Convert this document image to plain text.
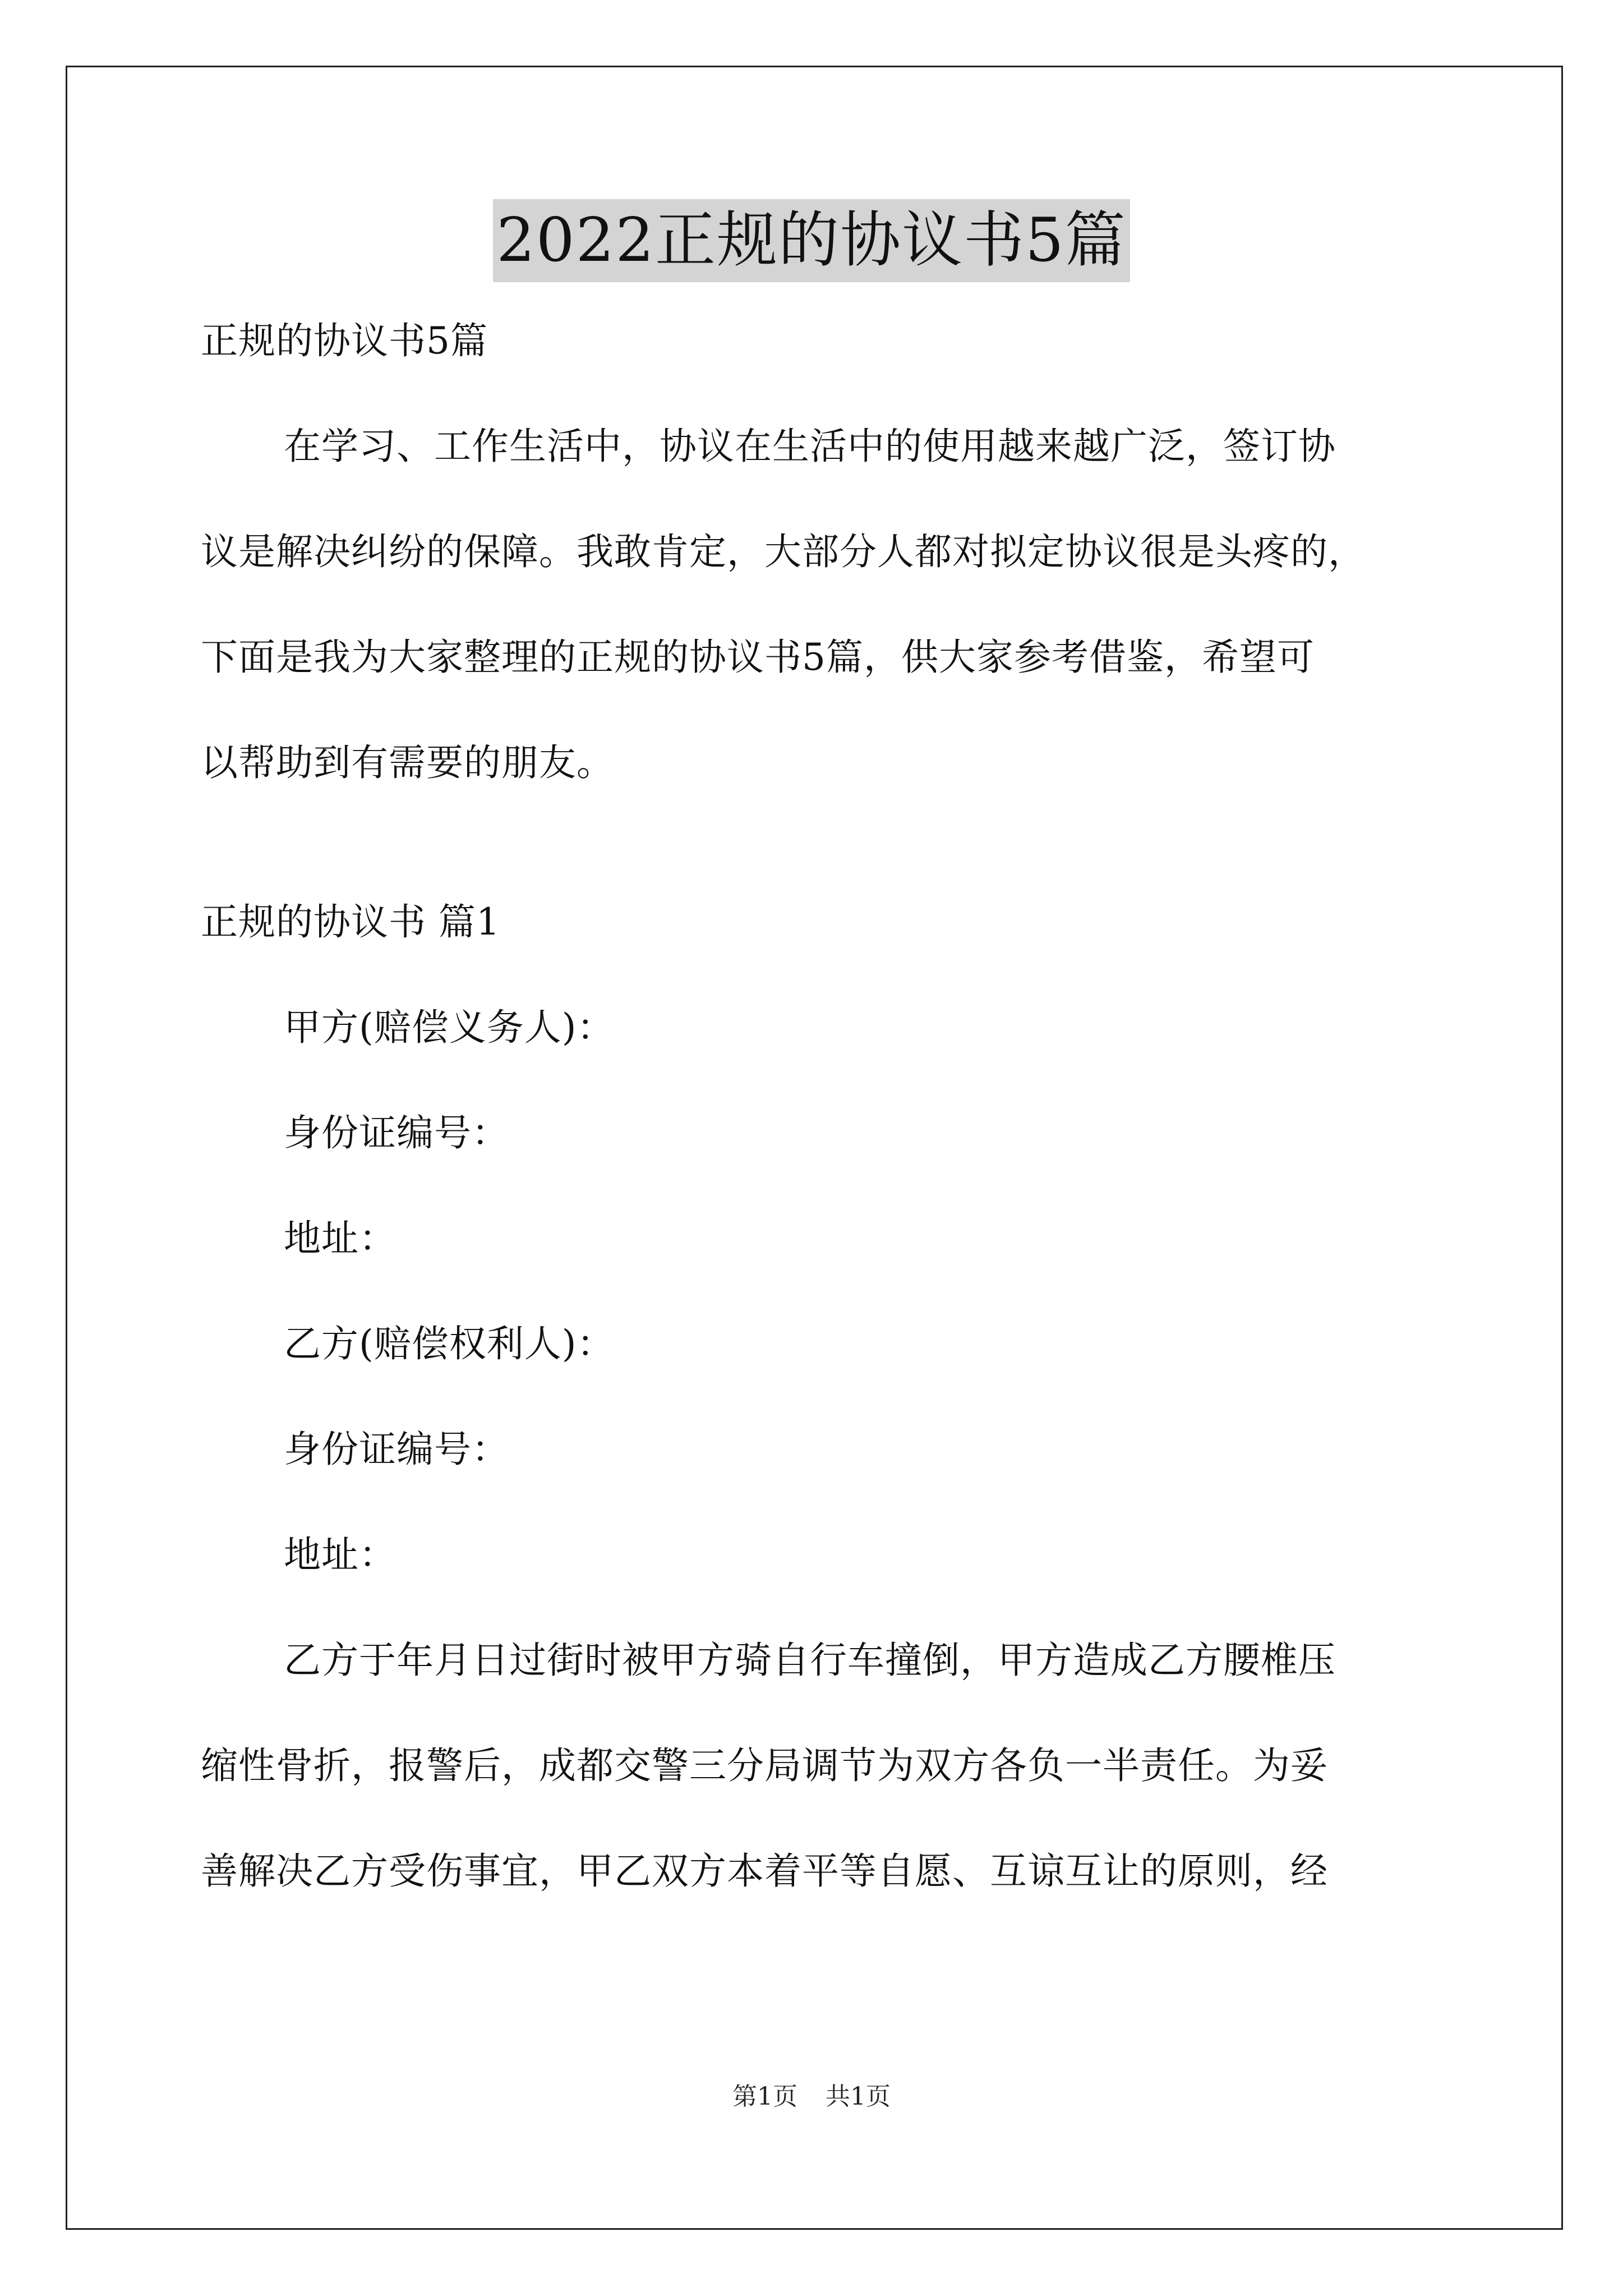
2022正规的协议书5篇

正规的协议书5篇

在学习、工作生活中，协议在生活中的使用越来越广泛，签订协

议是解决纠纷的保障。我敢肯定，大部分人都对拟定协议很是头疼的，

下面是我为大家整理的正规的协议书5篇，供大家参考借鉴，希望可

以帮助到有需要的朋友。

正规的协议书 篇1

甲方(赔偿义务人)：

身份证编号：

地址：

乙方(赔偿权利人)：

身份证编号：

地址：

乙方于年月日过街时被甲方骑自行车撞倒，甲方造成乙方腰椎压

缩性骨折，报警后，成都交警三分局调节为双方各负一半责任。为妥

善解决乙方受伤事宜，甲乙双方本着平等自愿、互谅互让的原则，经

第1页 共1页
